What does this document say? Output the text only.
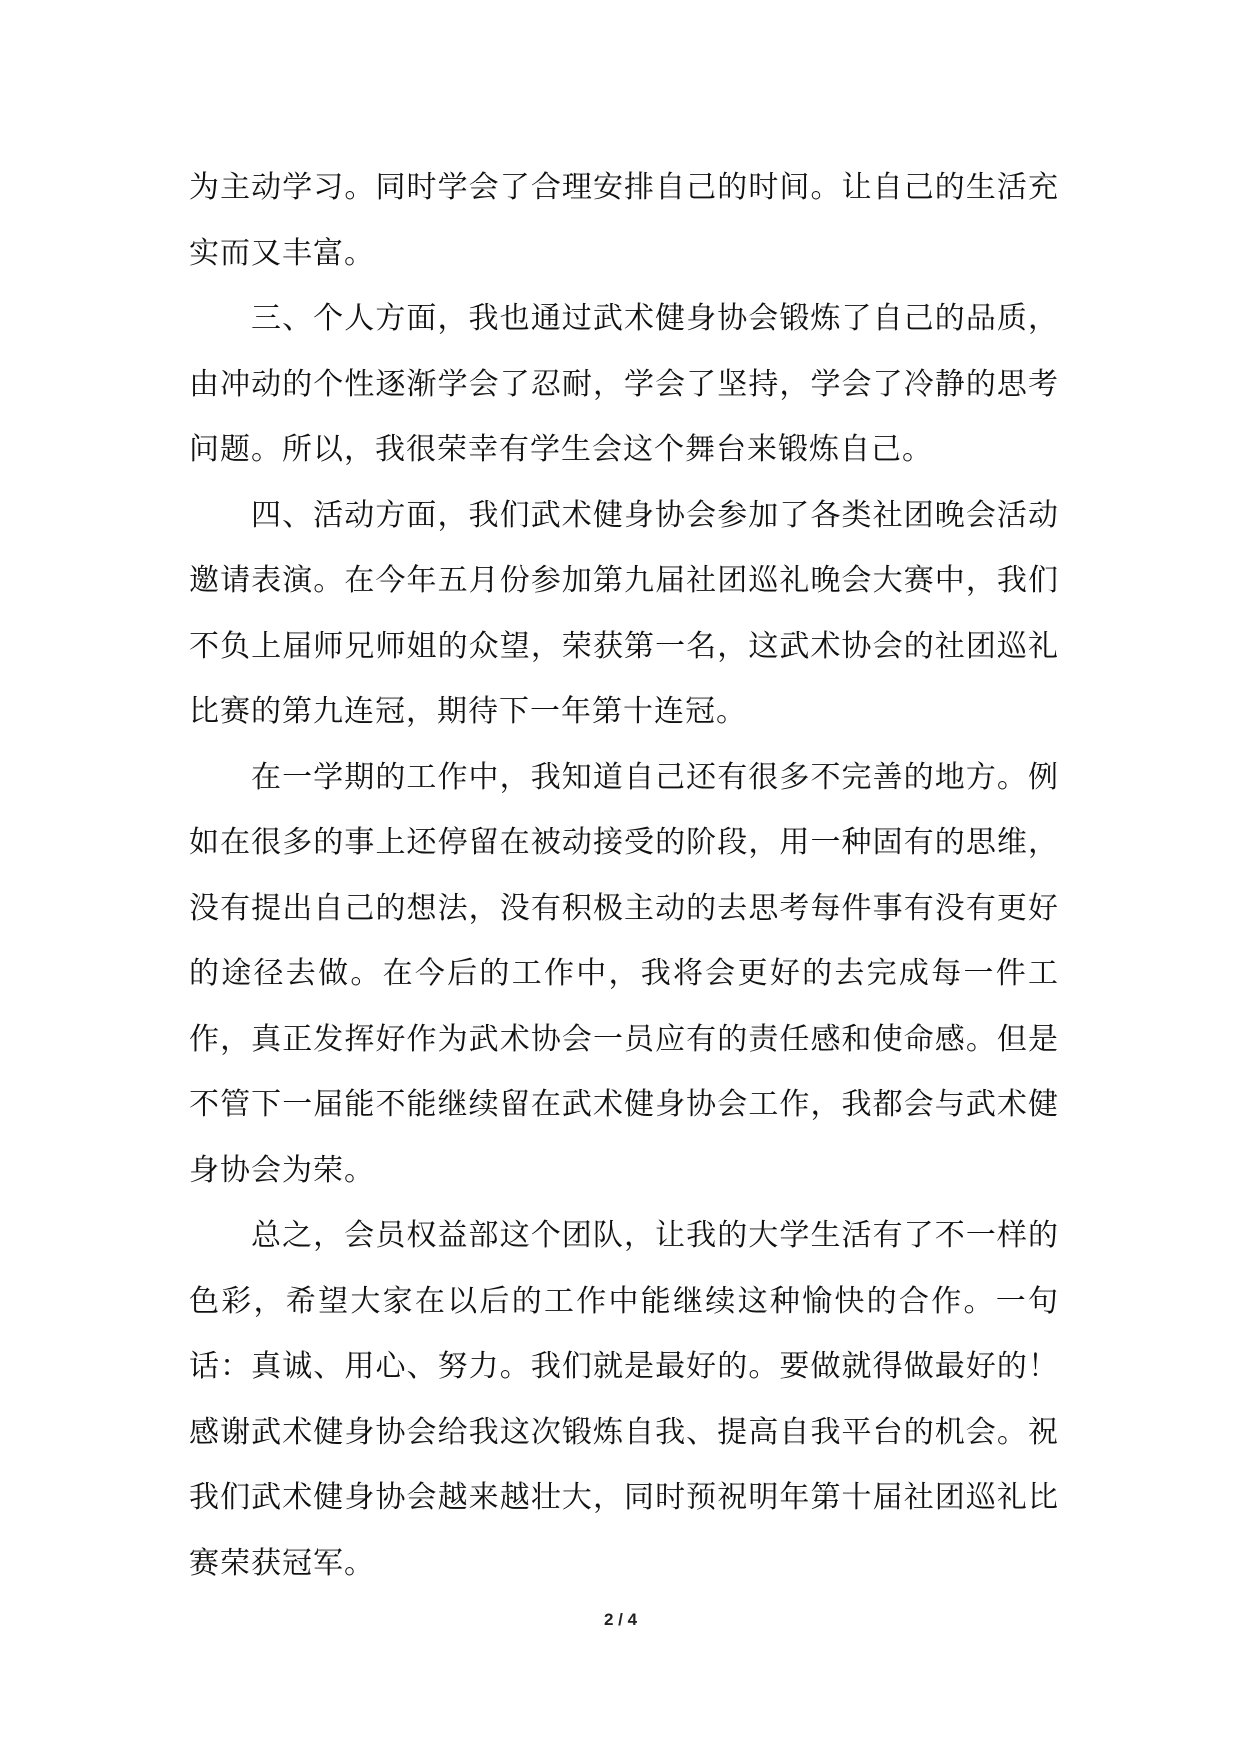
为主动学习。同时学会了合理安排自己的时间。让自己的生活充实而又丰富。

三、个人方面，我也通过武术健身协会锻炼了自己的品质，由冲动的个性逐渐学会了忍耐，学会了坚持，学会了冷静的思考问题。所以，我很荣幸有学生会这个舞台来锻炼自己。

四、活动方面，我们武术健身协会参加了各类社团晚会活动邀请表演。在今年五月份参加第九届社团巡礼晚会大赛中，我们不负上届师兄师姐的众望，荣获第一名，这武术协会的社团巡礼比赛的第九连冠，期待下一年第十连冠。

在一学期的工作中，我知道自己还有很多不完善的地方。例如在很多的事上还停留在被动接受的阶段，用一种固有的思维，没有提出自己的想法，没有积极主动的去思考每件事有没有更好的途径去做。在今后的工作中，我将会更好的去完成每一件工作，真正发挥好作为武术协会一员应有的责任感和使命感。但是不管下一届能不能继续留在武术健身协会工作，我都会与武术健身协会为荣。

总之，会员权益部这个团队，让我的大学生活有了不一样的色彩，希望大家在以后的工作中能继续这种愉快的合作。一句话：真诚、用心、努力。我们就是最好的。要做就得做最好的！感谢武术健身协会给我这次锻炼自我、提高自我平台的机会。祝我们武术健身协会越来越壮大，同时预祝明年第十届社团巡礼比赛荣获冠军。

2 / 4
